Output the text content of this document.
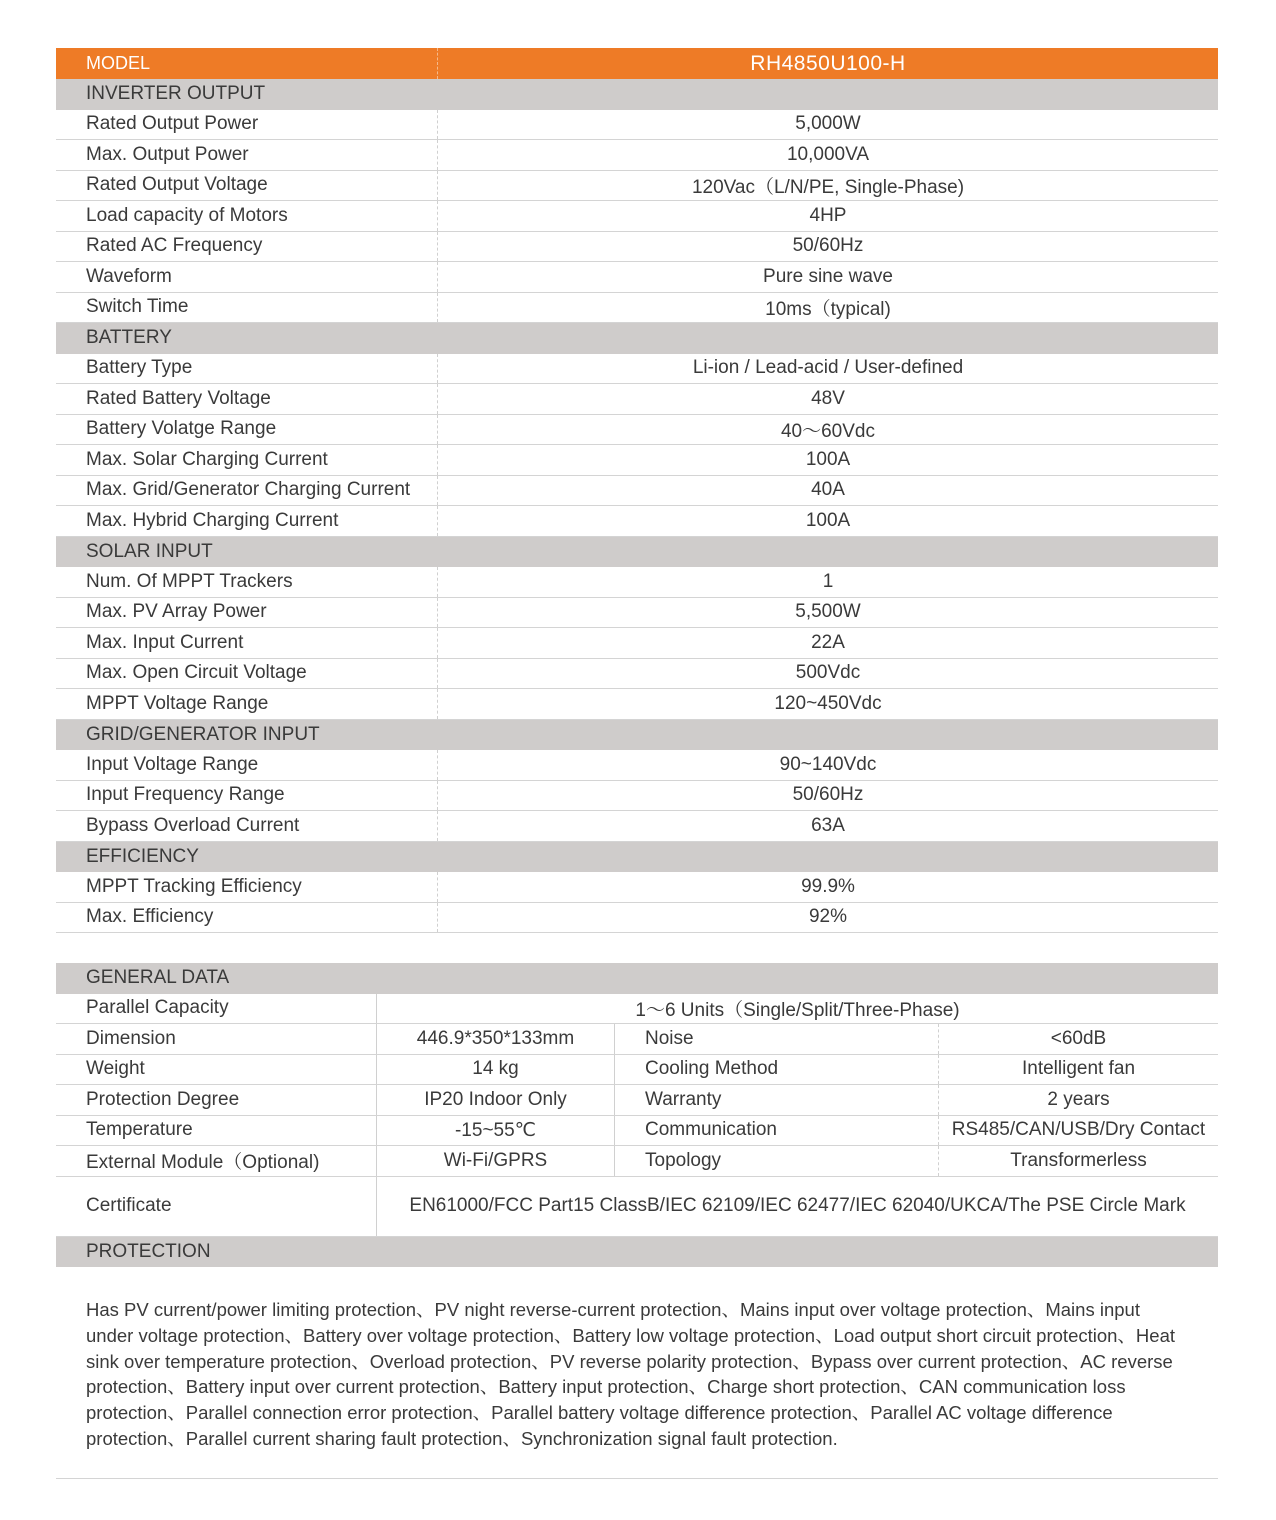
MODEL	RH4850U100-H
INVERTER OUTPUT
Rated Output Power	5,000W
Max. Output Power	10,000VA
Rated Output Voltage	120Vac（L/N/PE, Single-Phase)
Load capacity of Motors	4HP
Rated AC Frequency	50/60Hz
Waveform	Pure sine wave
Switch Time	10ms（typical)
BATTERY
Battery Type	Li-ion / Lead-acid / User-defined
Rated Battery Voltage	48V
Battery Volatge Range	40～60Vdc
Max. Solar Charging Current	100A
Max. Grid/Generator Charging Current	40A
Max. Hybrid Charging Current	100A
SOLAR INPUT
Num. Of MPPT Trackers	1
Max. PV Array Power	5,500W
Max. Input Current	22A
Max. Open Circuit Voltage	500Vdc
MPPT Voltage Range	120~450Vdc
GRID/GENERATOR INPUT
Input Voltage Range	90~140Vdc
Input Frequency Range	50/60Hz
Bypass Overload Current	63A
EFFICIENCY
MPPT Tracking Efficiency	99.9%
Max. Efficiency	92%
GENERAL DATA
Parallel Capacity	1～6 Units（Single/Split/Three-Phase)
Dimension	446.9*350*133mm	Noise	<60dB
Weight	14 kg	Cooling Method	Intelligent fan
Protection Degree	IP20 Indoor Only	Warranty	2 years
Temperature	-15~55℃	Communication	RS485/CAN/USB/Dry Contact
External Module（Optional)	Wi-Fi/GPRS	Topology	Transformerless
Certificate	EN61000/FCC Part15 ClassB/IEC 62109/IEC 62477/IEC 62040/UKCA/The PSE Circle Mark
PROTECTION
Has PV current/power limiting protection、PV night reverse-current protection、Mains input over voltage protection、Mains input under voltage protection、Battery over voltage protection、Battery low voltage protection、Load output short circuit protection、Heat sink over temperature protection、Overload protection、PV reverse polarity protection、Bypass over current protection、AC reverse protection、Battery input over current protection、Battery input protection、Charge short protection、CAN communication loss protection、Parallel connection error protection、Parallel battery voltage difference protection、Parallel AC voltage difference protection、Parallel current sharing fault protection、Synchronization signal fault protection.
